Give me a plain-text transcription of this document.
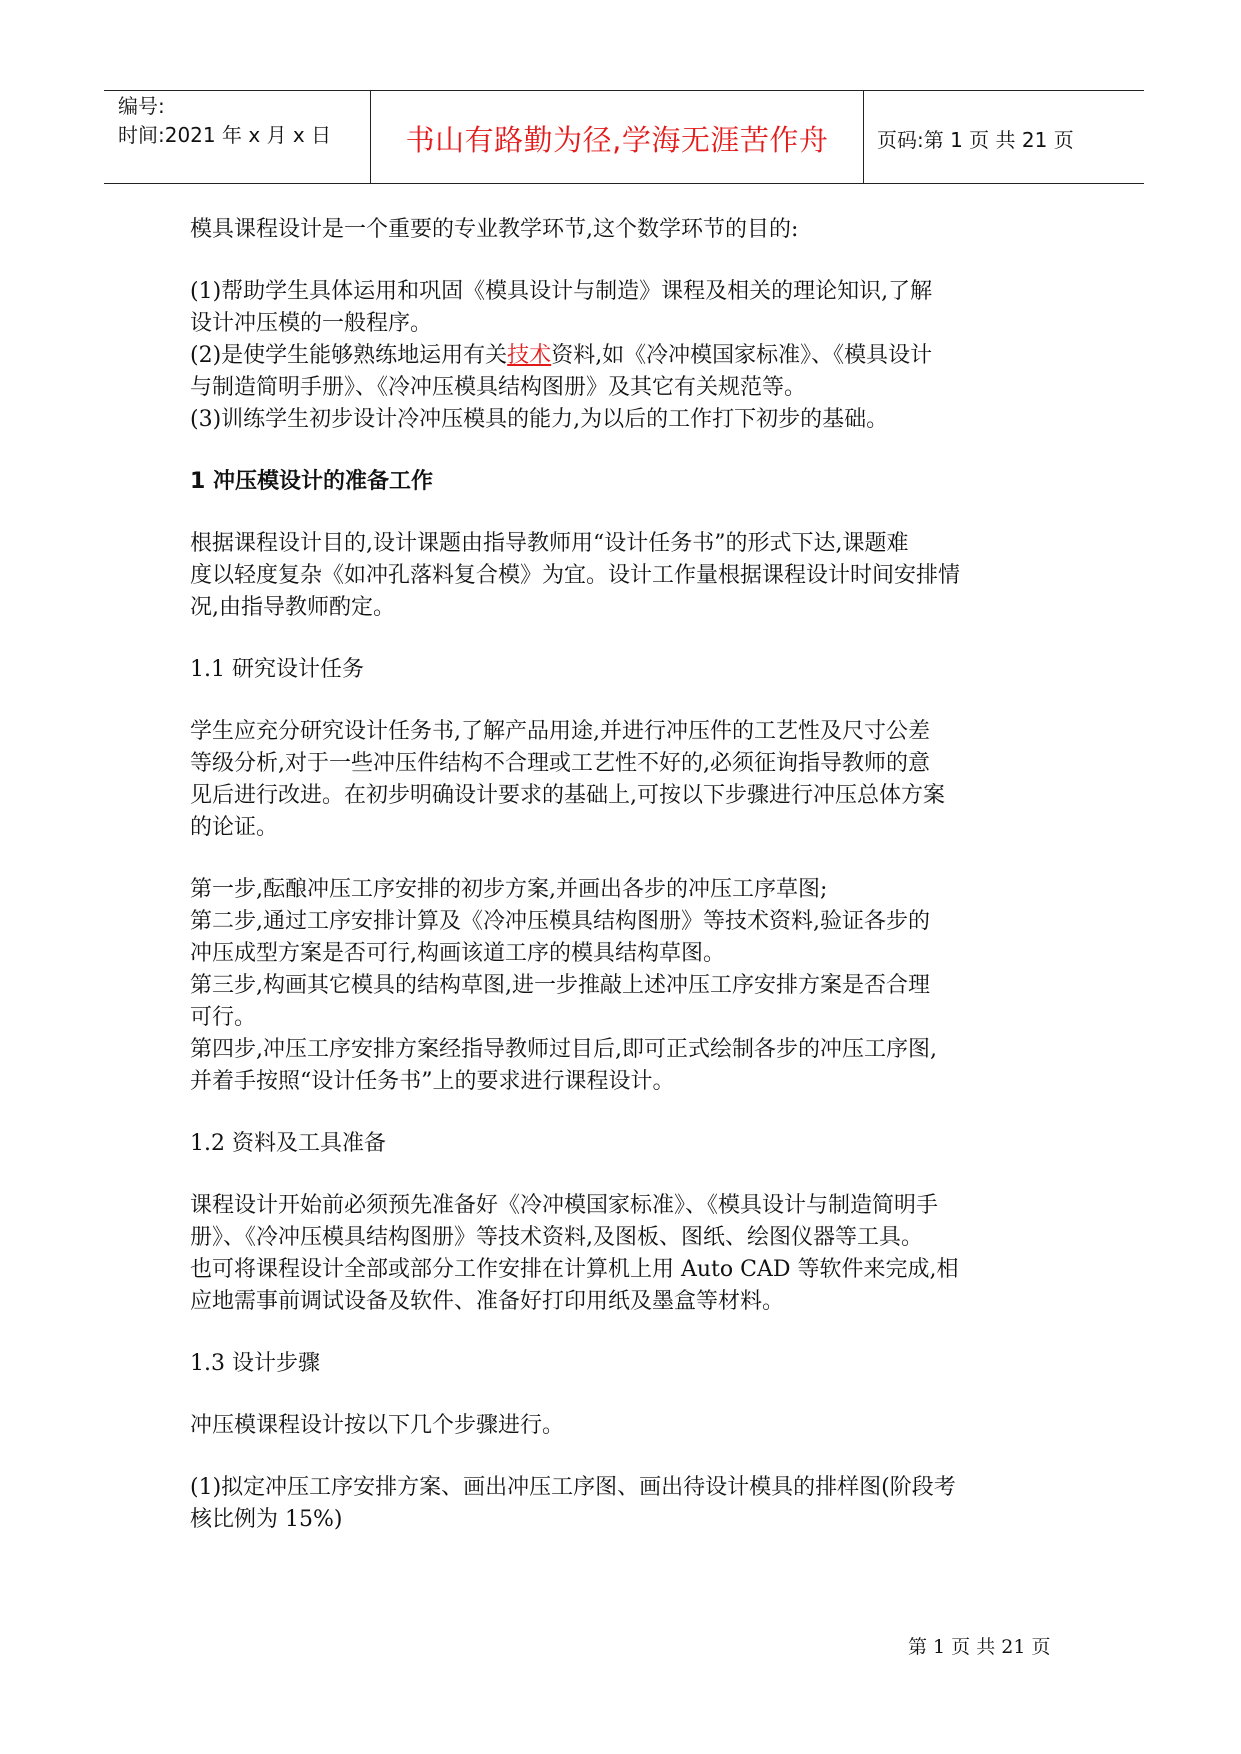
编号:
时间:2021 年 x 月 x 日	书山有路勤为径,学海无涯苦作舟	页码:第 1 页 共 21 页

模具课程设计是一个重要的专业教学环节,这个数学环节的目的:

(1)帮助学生具体运用和巩固《模具设计与制造》课程及相关的理论知识,了解

设计冲压模的一般程序。

(2)是使学生能够熟练地运用有关技术资料,如《冷冲模国家标准》、《模具设计

与制造简明手册》、《冷冲压模具结构图册》及其它有关规范等。

(3)训练学生初步设计冷冲压模具的能力,为以后的工作打下初步的基础。

1 冲压模设计的准备工作

根据课程设计目的,设计课题由指导教师用“设计任务书”的形式下达,课题难

度以轻度复杂《如冲孔落料复合模》为宜。设计工作量根据课程设计时间安排情

况,由指导教师酌定。

1.1 研究设计任务

学生应充分研究设计任务书,了解产品用途,并进行冲压件的工艺性及尺寸公差

等级分析,对于一些冲压件结构不合理或工艺性不好的,必须征询指导教师的意

见后进行改进。在初步明确设计要求的基础上,可按以下步骤进行冲压总体方案

的论证。

第一步,酝酿冲压工序安排的初步方案,并画出各步的冲压工序草图;

第二步,通过工序安排计算及《冷冲压模具结构图册》等技术资料,验证各步的

冲压成型方案是否可行,构画该道工序的模具结构草图。

第三步,构画其它模具的结构草图,进一步推敲上述冲压工序安排方案是否合理

可行。

第四步,冲压工序安排方案经指导教师过目后,即可正式绘制各步的冲压工序图,

并着手按照“设计任务书”上的要求进行课程设计。

1.2 资料及工具准备

课程设计开始前必须预先准备好《冷冲模国家标准》、《模具设计与制造简明手

册》、《冷冲压模具结构图册》等技术资料,及图板、图纸、绘图仪器等工具。

也可将课程设计全部或部分工作安排在计算机上用 Auto CAD 等软件来完成,相

应地需事前调试设备及软件、准备好打印用纸及墨盒等材料。

1.3 设计步骤

冲压模课程设计按以下几个步骤进行。

(1)拟定冲压工序安排方案、画出冲压工序图、画出待设计模具的排样图(阶段考

核比例为 15%)

第 1 页 共 21 页
